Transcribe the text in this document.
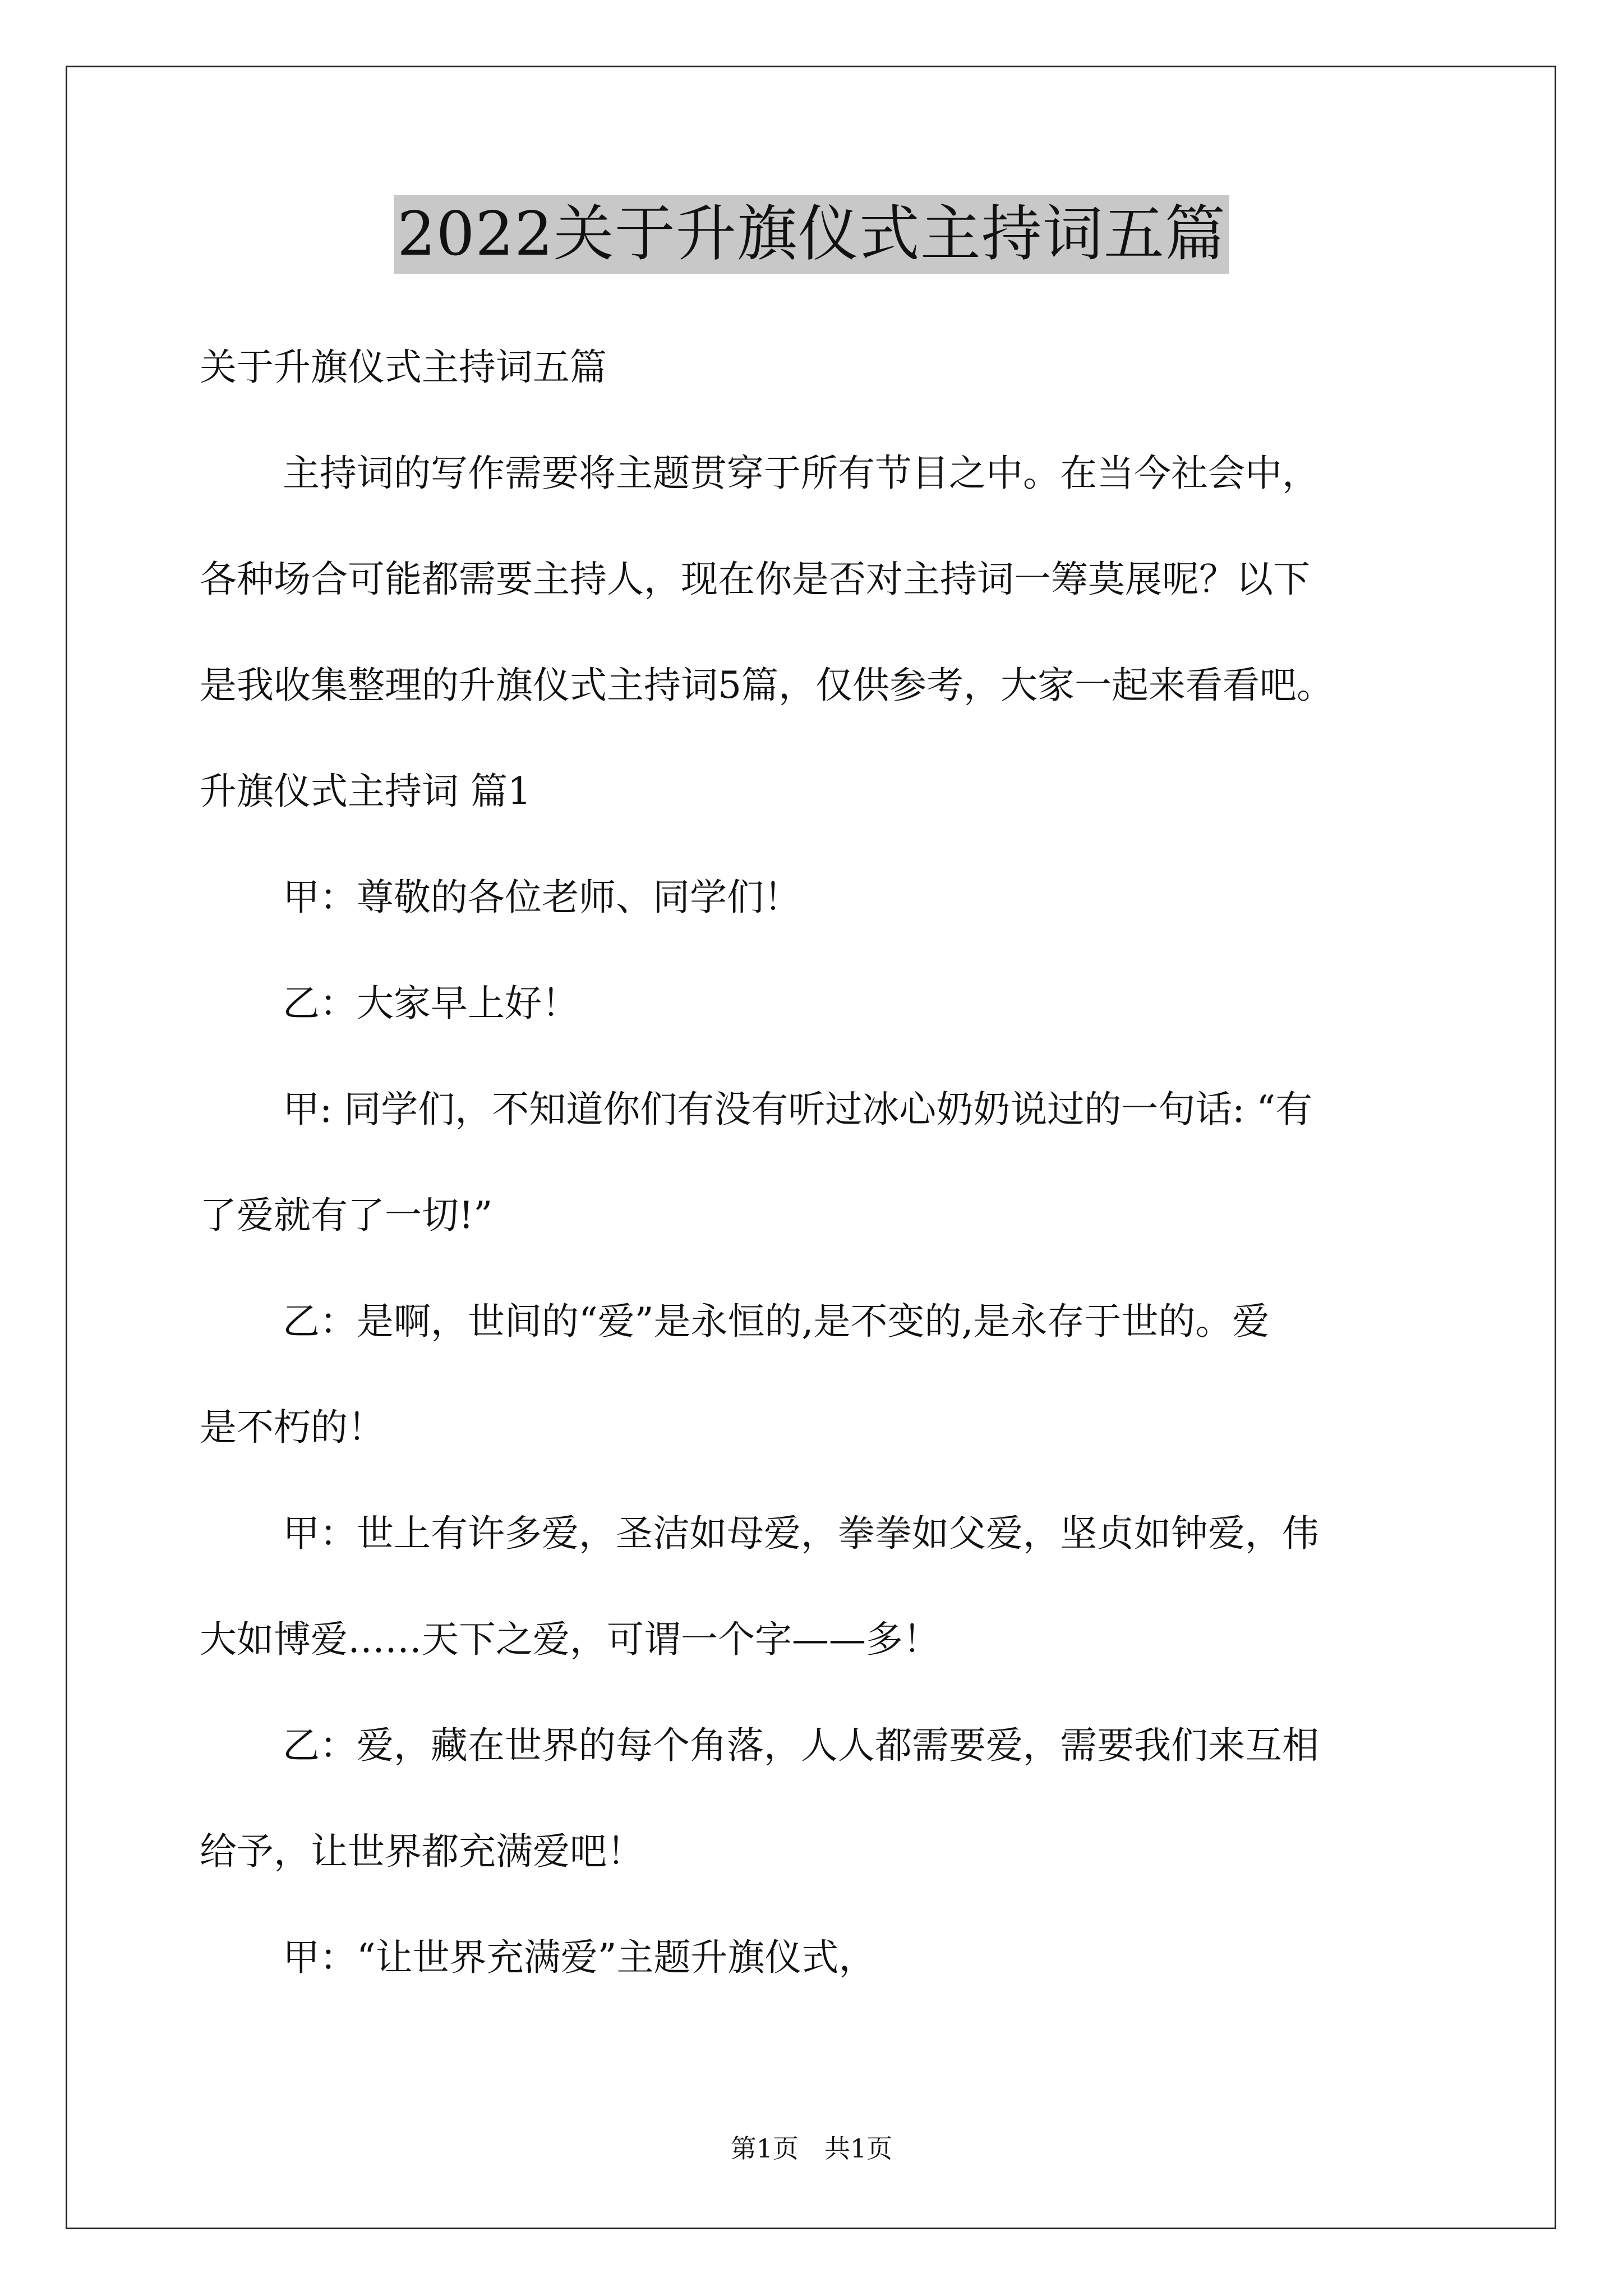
2022关于升旗仪式主持词五篇
关于升旗仪式主持词五篇
主持词的写作需要将主题贯穿于所有节目之中。在当今社会中，
各种场合可能都需要主持人，现在你是否对主持词一筹莫展呢？以下
是我收集整理的升旗仪式主持词5篇，仅供参考，大家一起来看看吧。
升旗仪式主持词 篇1
甲：尊敬的各位老师、同学们！
乙：大家早上好！
甲: 同学们，不知道你们有没有听过冰心奶奶说过的一句话: “有
了爱就有了一切!”
乙：是啊，世间的“爱”是永恒的,是不变的,是永存于世的。爱
是不朽的！
甲：世上有许多爱，圣洁如母爱，拳拳如父爱，坚贞如钟爱，伟
大如博爱……天下之爱，可谓一个字——多！
乙：爱，藏在世界的每个角落，人人都需要爱，需要我们来互相
给予，让世界都充满爱吧！
甲：“让世界充满爱”主题升旗仪式，
第1页　共1页
